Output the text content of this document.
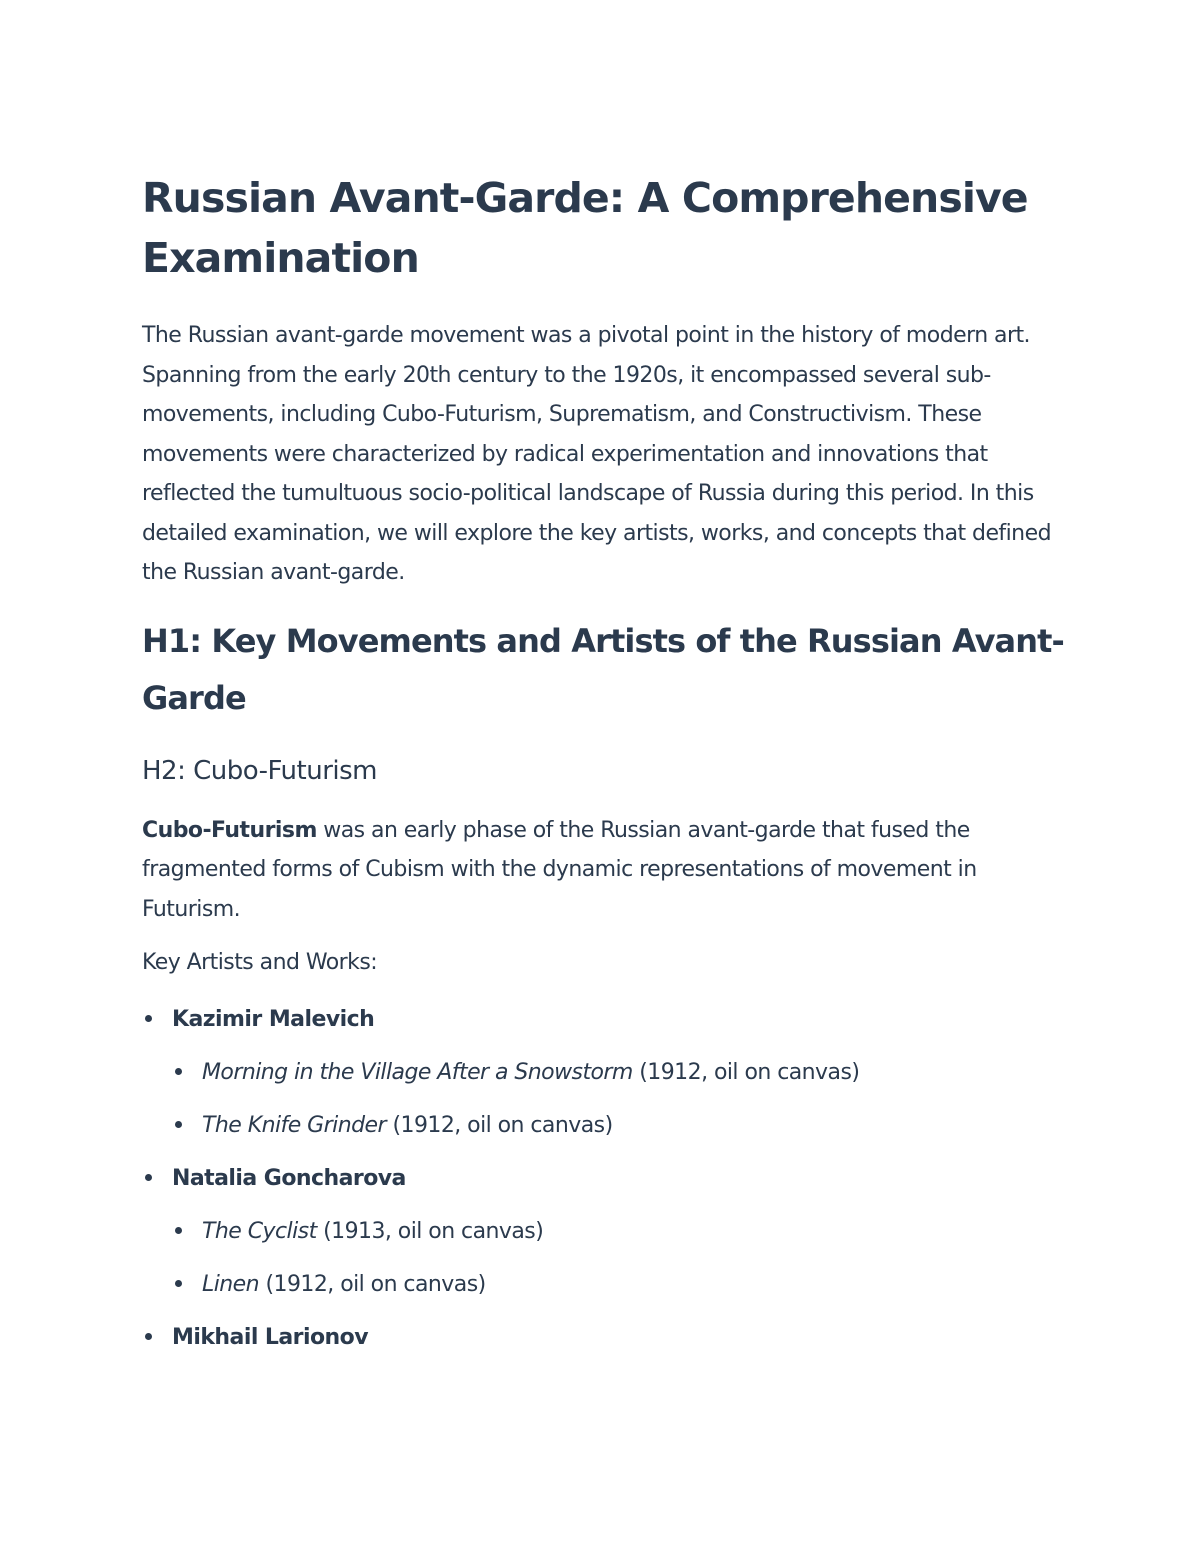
Russian Avant-Garde: A Comprehensive Examination

The Russian avant-garde movement was a pivotal point in the history of modern art. Spanning from the early 20th century to the 1920s, it encompassed several sub-movements, including Cubo-Futurism, Suprematism, and Constructivism. These movements were characterized by radical experimentation and innovations that reflected the tumultuous socio-political landscape of Russia during this period. In this detailed examination, we will explore the key artists, works, and concepts that defined the Russian avant-garde.

H1: Key Movements and Artists of the Russian Avant-Garde
H2: Cubo-Futurism

Cubo-Futurism was an early phase of the Russian avant-garde that fused the fragmented forms of Cubism with the dynamic representations of movement in Futurism.

Key Artists and Works:

Kazimir Malevich
Morning in the Village After a Snowstorm (1912, oil on canvas)
The Knife Grinder (1912, oil on canvas)
Natalia Goncharova
The Cyclist (1913, oil on canvas)
Linen (1912, oil on canvas)
Mikhail Larionov
